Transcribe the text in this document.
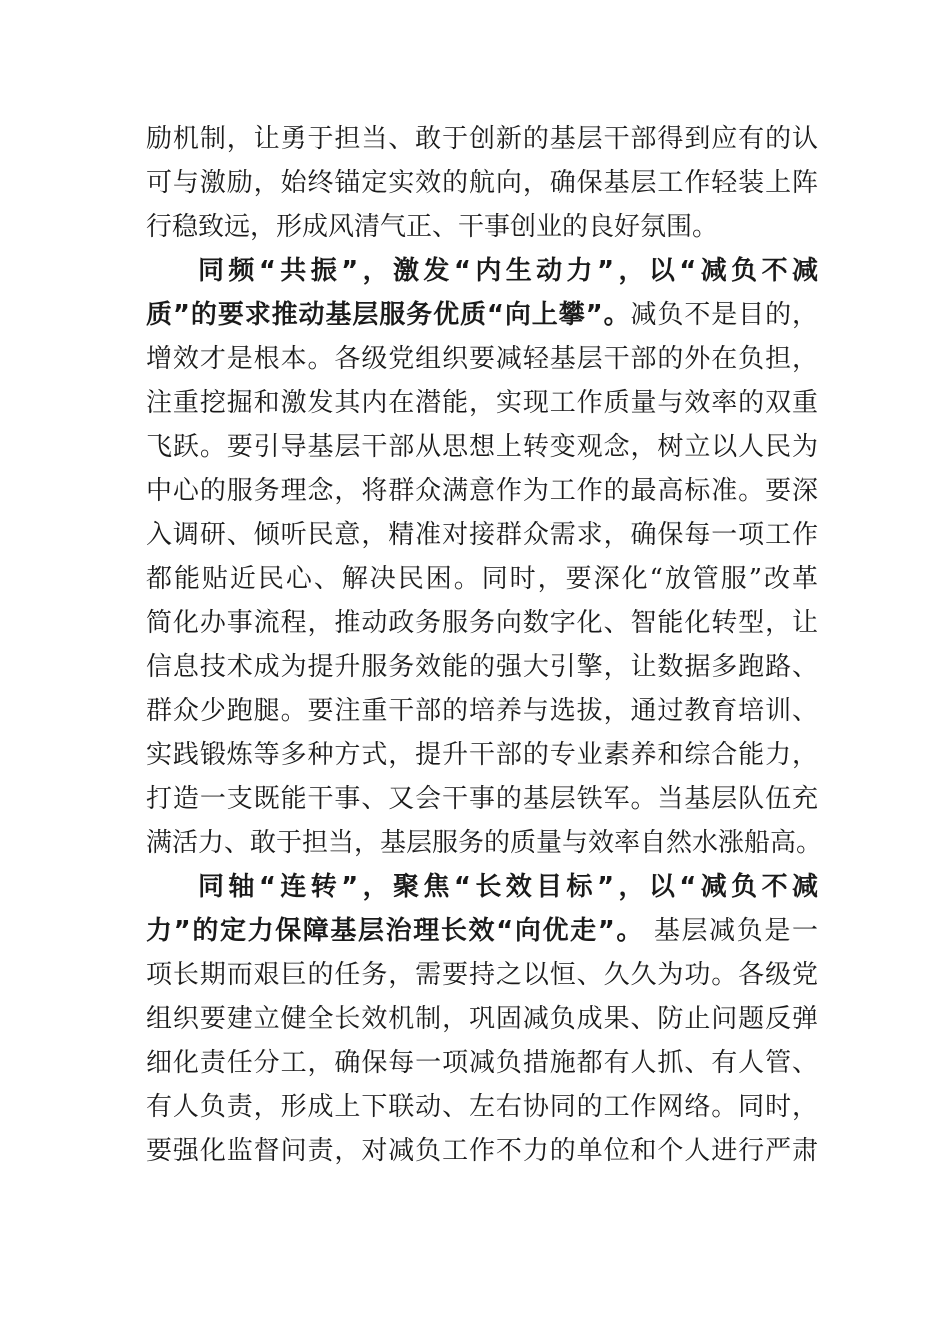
励机制，让勇于担当、敢于创新的基层干部得到应有的认
可与激励，始终锚定实效的航向，确保基层工作轻装上阵
行稳致远，形成风清气正、干事创业的良好氛围。
同频“共振”，激发“内生动力”，以“减负不减
质”的要求推动基层服务优质“向上攀”。减负不是目的，
增效才是根本。各级党组织要减轻基层干部的外在负担，
注重挖掘和激发其内在潜能，实现工作质量与效率的双重
飞跃。要引导基层干部从思想上转变观念，树立以人民为
中心的服务理念，将群众满意作为工作的最高标准。要深
入调研、倾听民意，精准对接群众需求，确保每一项工作
都能贴近民心、解决民困。同时，要深化“放管服”改革
简化办事流程，推动政务服务向数字化、智能化转型，让
信息技术成为提升服务效能的强大引擎，让数据多跑路、
群众少跑腿。要注重干部的培养与选拔，通过教育培训、
实践锻炼等多种方式，提升干部的专业素养和综合能力，
打造一支既能干事、又会干事的基层铁军。当基层队伍充
满活力、敢于担当，基层服务的质量与效率自然水涨船高。
同轴“连转”，聚焦“长效目标”，以“减负不减
力”的定力保障基层治理长效“向优走”。 基层减负是一
项长期而艰巨的任务，需要持之以恒、久久为功。各级党
组织要建立健全长效机制，巩固减负成果、防止问题反弹
细化责任分工，确保每一项减负措施都有人抓、有人管、
有人负责，形成上下联动、左右协同的工作网络。同时，
要强化监督问责，对减负工作不力的单位和个人进行严肃
